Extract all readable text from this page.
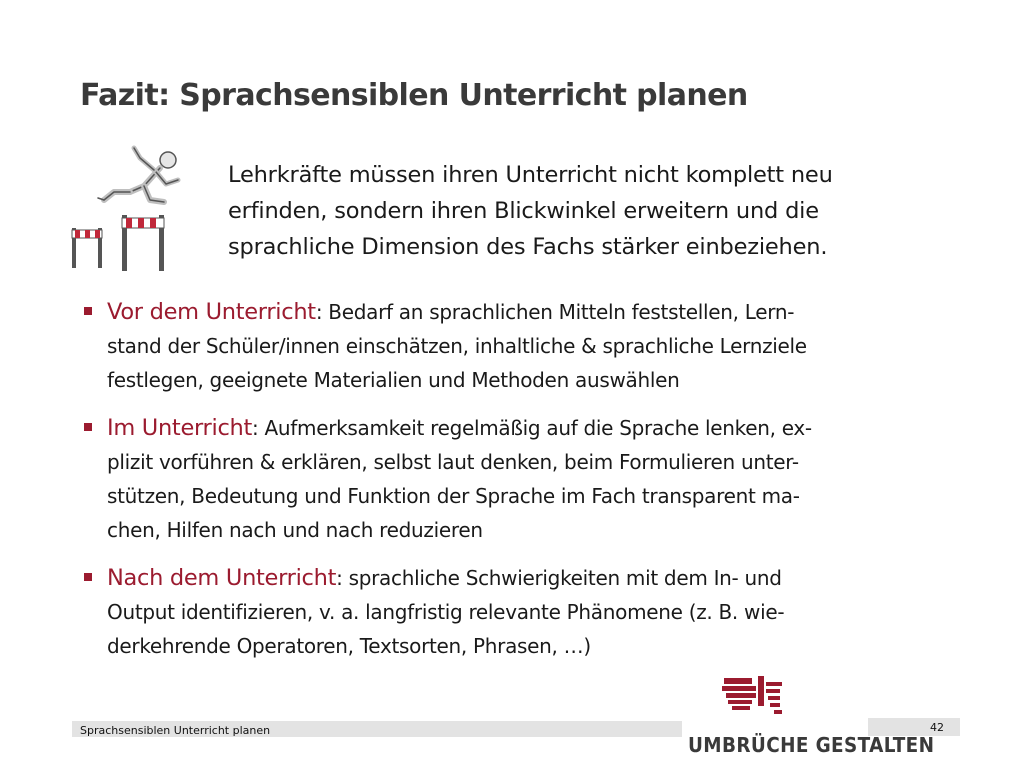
Fazit: Sprachsensiblen Unterricht planen
Lehrkräfte müssen ihren Unterricht nicht komplett neu
erfinden, sondern ihren Blickwinkel erweitern und die
sprachliche Dimension des Fachs stärker einbeziehen.
Vor dem Unterricht: Bedarf an sprachlichen Mitteln feststellen, Lern-
stand der Schüler/innen einschätzen, inhaltliche & sprachliche Lernziele
festlegen, geeignete Materialien und Methoden auswählen
Im Unterricht: Aufmerksamkeit regelmäßig auf die Sprache lenken, ex-
plizit vorführen & erklären, selbst laut denken, beim Formulieren unter-
stützen, Bedeutung und Funktion der Sprache im Fach transparent ma-
chen, Hilfen nach und nach reduzieren
Nach dem Unterricht: sprachliche Schwierigkeiten mit dem In- und
Output identifizieren, v. a. langfristig relevante Phänomene (z. B. wie-
derkehrende Operatoren, Textsorten, Phrasen, …)
Sprachsensiblen Unterricht planen	42
UMBRÜCHE GESTALTEN
